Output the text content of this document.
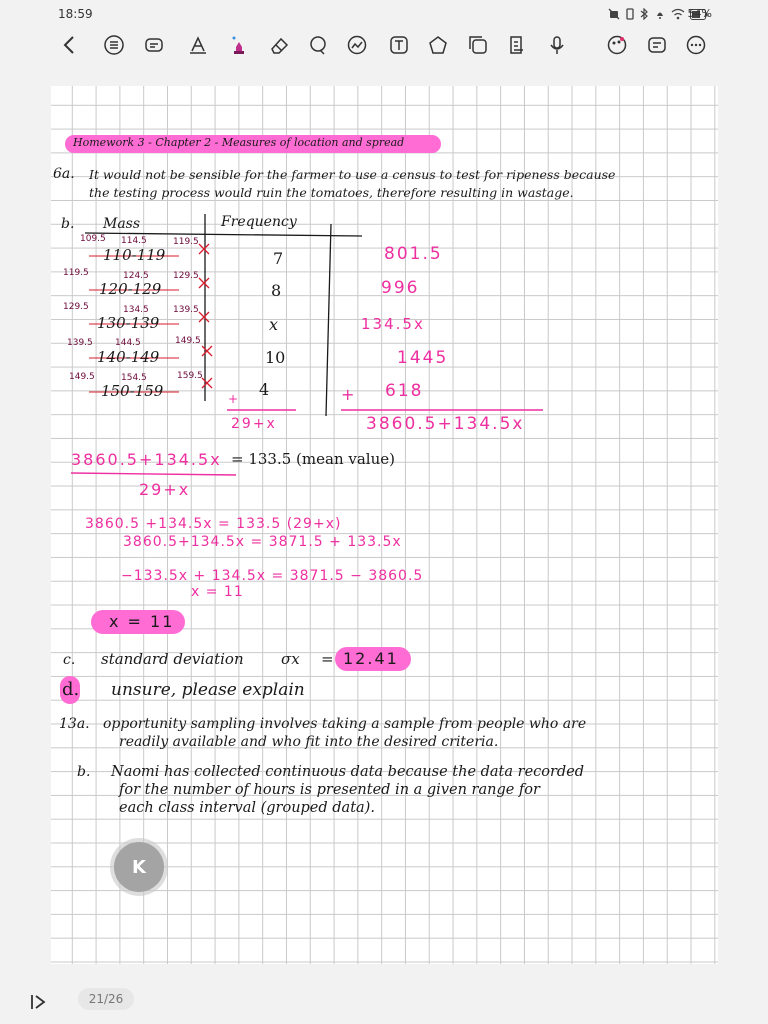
18:59	54%
Homework 3 - Chapter 2 - Measures of location and spread
6a. It would not be sensible for the farmer to use a census to test for ripeness because
the testing process would ruin the tomatoes, therefore resulting in wastage.
b. Mass	Frequency
109.5 114.5	119.5
110-119	7	801.5
119.5	124.5	129.5
120-129	8	996
129.5	134.5	139.5
130-139	x	134.5x
139.5 144.5	149.5
140-149	10	1445
149.5	154.5	159.5
150-159	4	618
+	+
29+x	3860.5+134.5x
3860.5+134.5x = 133.5 (mean value)
29+x
3860.5 +134.5x = 133.5 (29+x)
3860.5+134.5x = 3871.5 + 133.5x
−133.5x + 134.5x = 3871.5 − 3860.5
x = 11
x = 11
c. standard deviation σx = 12.41
d. unsure, please explain
13a. opportunity sampling involves taking a sample from people who are
readily available and who fit into the desired criteria.
b. Naomi has collected continuous data because the data recorded
for the number of hours is presented in a given range for
each class interval (grouped data).
K
21/26
